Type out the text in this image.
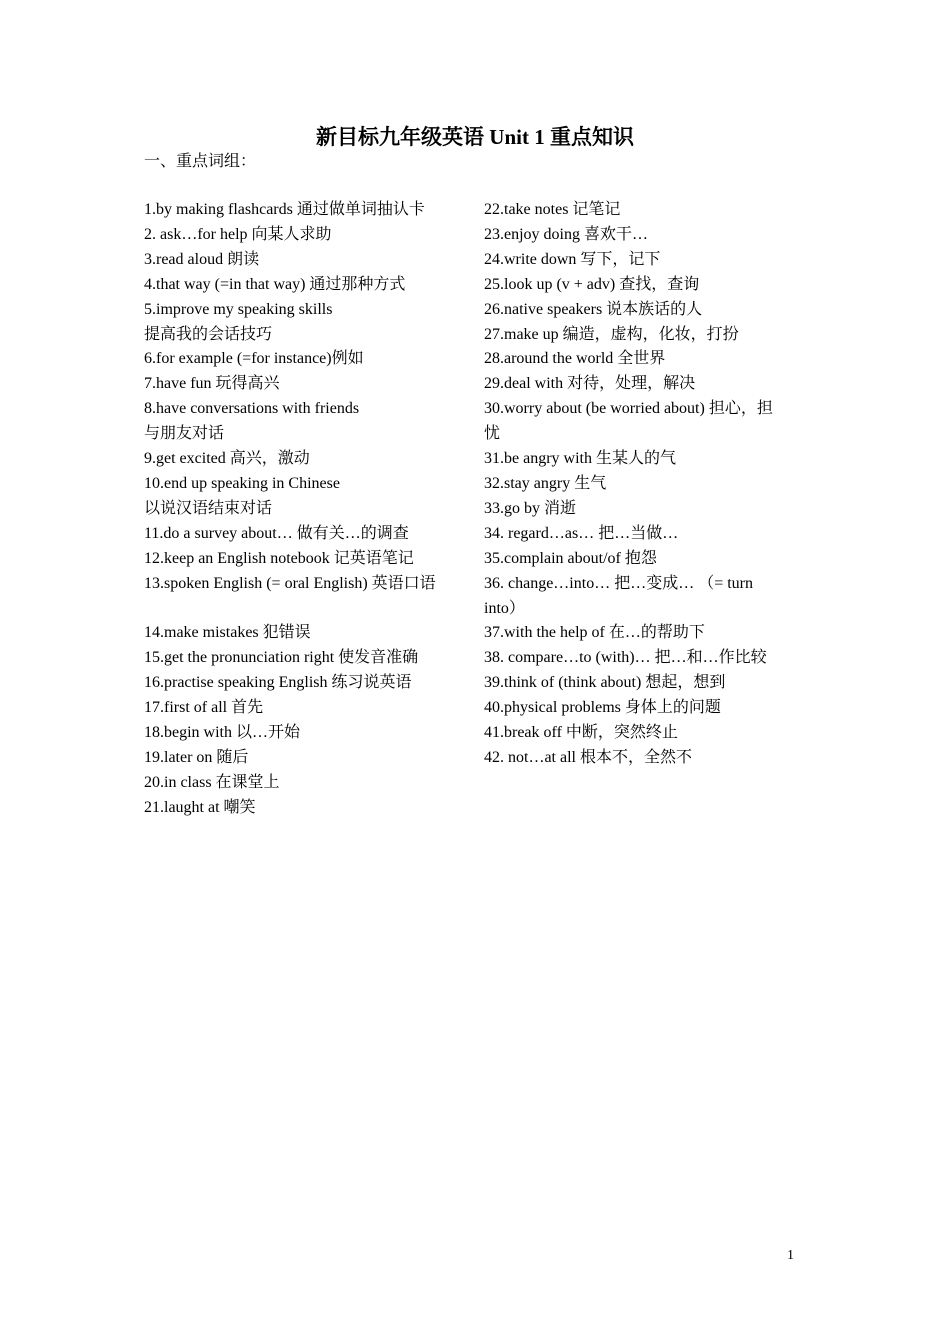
新目标九年级英语 Unit 1 重点知识
一、重点词组：
1.by making flashcards 通过做单词抽认卡
2. ask…for help 向某人求助
3.read aloud 朗读
4.that way (=in that way) 通过那种方式
5.improve my speaking skills
提高我的会话技巧
6.for example (=for instance)例如
7.have fun 玩得高兴
8.have conversations with friends
与朋友对话
9.get excited 高兴，激动
10.end up speaking in Chinese
以说汉语结束对话
11.do a survey about… 做有关…的调查
12.keep an English notebook 记英语笔记
13.spoken English (= oral English) 英语口语
14.make mistakes 犯错误
15.get the pronunciation right 使发音准确
16.practise speaking English 练习说英语
17.first of all 首先
18.begin with 以…开始
19.later on 随后
20.in class 在课堂上
21.laught at 嘲笑
22.take notes 记笔记
23.enjoy doing 喜欢干…
24.write down 写下，记下
25.look up (v + adv) 查找，查询
26.native speakers 说本族话的人
27.make up 编造，虚构，化妆，打扮
28.around the world 全世界
29.deal with 对待，处理，解决
30.worry about (be worried about) 担心，担
忧
31.be angry with 生某人的气
32.stay angry 生气
33.go by 消逝
34. regard…as… 把…当做…
35.complain about/of 抱怨
36. change…into… 把…变成… （= turn
into）
37.with the help of 在…的帮助下
38. compare…to (with)… 把…和…作比较
39.think of (think about) 想起，想到
40.physical problems 身体上的问题
41.break off 中断，突然终止
42. not…at all 根本不，全然不
1
